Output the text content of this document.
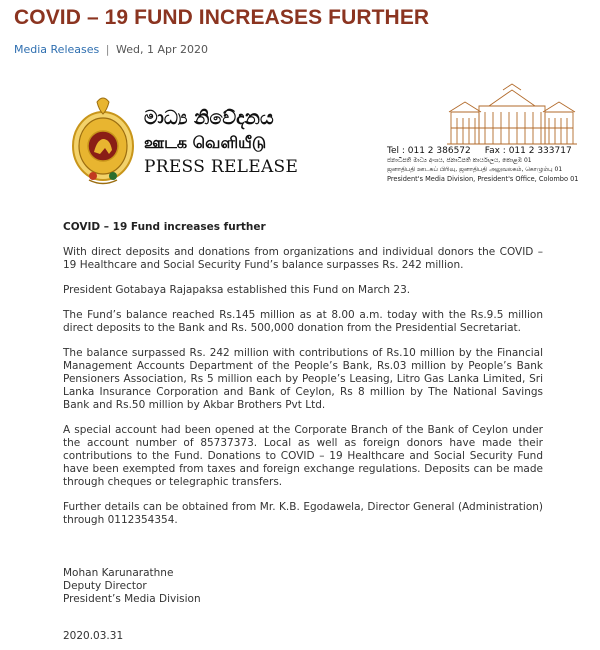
COVID – 19 FUND INCREASES FURTHER
Media Releases | Wed, 1 Apr 2020
මාධ්‍ය නිවේදනය
ஊடக வெளியீடு
PRESS RELEASE
Tel : 011 2 386572 Fax : 011 2 333717
ජනාධිපති මාධ්‍ය අංශය, ජනාධිපති කාර්යාලය, කොළඹ 01
ஜனாதிபதி ஊடகப் பிரிவு, ஜனாதிபதி அலுவலகம், கொழும்பு 01
President's Media Division, President's Office, Colombo 01
COVID – 19 Fund increases further

With direct deposits and donations from organizations and individual donors the COVID – 19 Healthcare and Social Security Fund’s balance surpasses Rs. 242 million.

President Gotabaya Rajapaksa established this Fund on March 23.

The Fund’s balance reached Rs.145 million as at 8.00 a.m. today with the Rs.9.5 million direct deposits to the Bank and Rs. 500,000 donation from the Presidential Secretariat.

The balance surpassed Rs. 242 million with contributions of Rs.10 million by the Financial Management Accounts Department of the People’s Bank, Rs.03 million by People’s Bank Pensioners Association, Rs 5 million each by People’s Leasing, Litro Gas Lanka Limited, Sri Lanka Insurance Corporation and Bank of Ceylon, Rs 8 million by The National Savings Bank and Rs.50 million by Akbar Brothers Pvt Ltd.

A special account had been opened at the Corporate Branch of the Bank of Ceylon under the account number of 85737373. Local as well as foreign donors have made their contributions to the Fund. Donations to COVID – 19 Healthcare and Social Security Fund have been exempted from taxes and foreign exchange regulations. Deposits can be made through cheques or telegraphic transfers.

Further details can be obtained from Mr. K.B. Egodawela, Director General (Administration) through 0112354354.

Mohan Karunarathne
Deputy Director
President’s Media Division
2020.03.31
